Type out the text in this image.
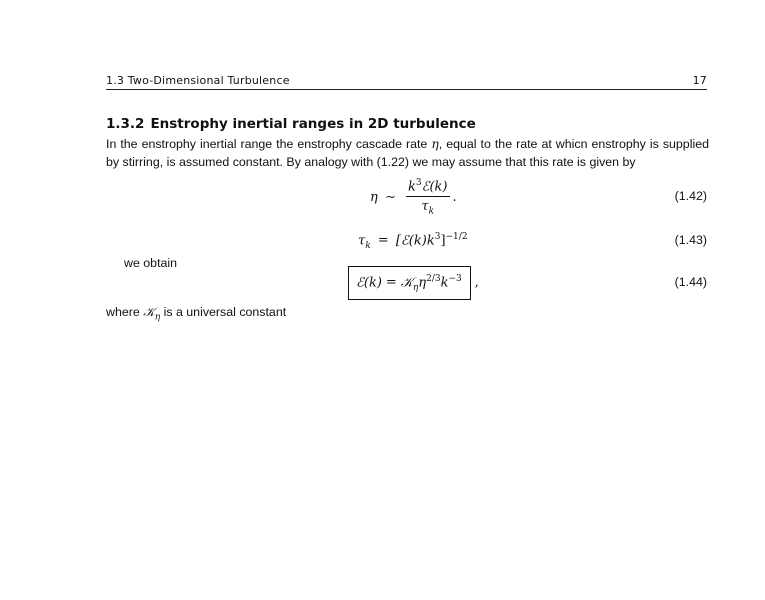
1.3 Two-Dimensional Turbulence	17
1.3.2 Enstrophy inertial ranges in 2D turbulence
In the enstrophy inertial range the enstrophy cascade rate η, equal to the rate at whicn enstrophy is supplied
by stirring, is assumed constant. By analogy with (1.22) we may assume that this rate is given by
η ∼ $\frac{k^3ℰ(k)}{\tau_k}$ .	(1.42)
$\tau_k$ = $[ℰ(k)k^3]^{-1/2}$	(1.43)
we obtain
ℰ(k) = $𝒦_\eta\eta^{2/3}k^{-3}$ ,	(1.44)
where 𝒦$_\eta$ is a universal constant
